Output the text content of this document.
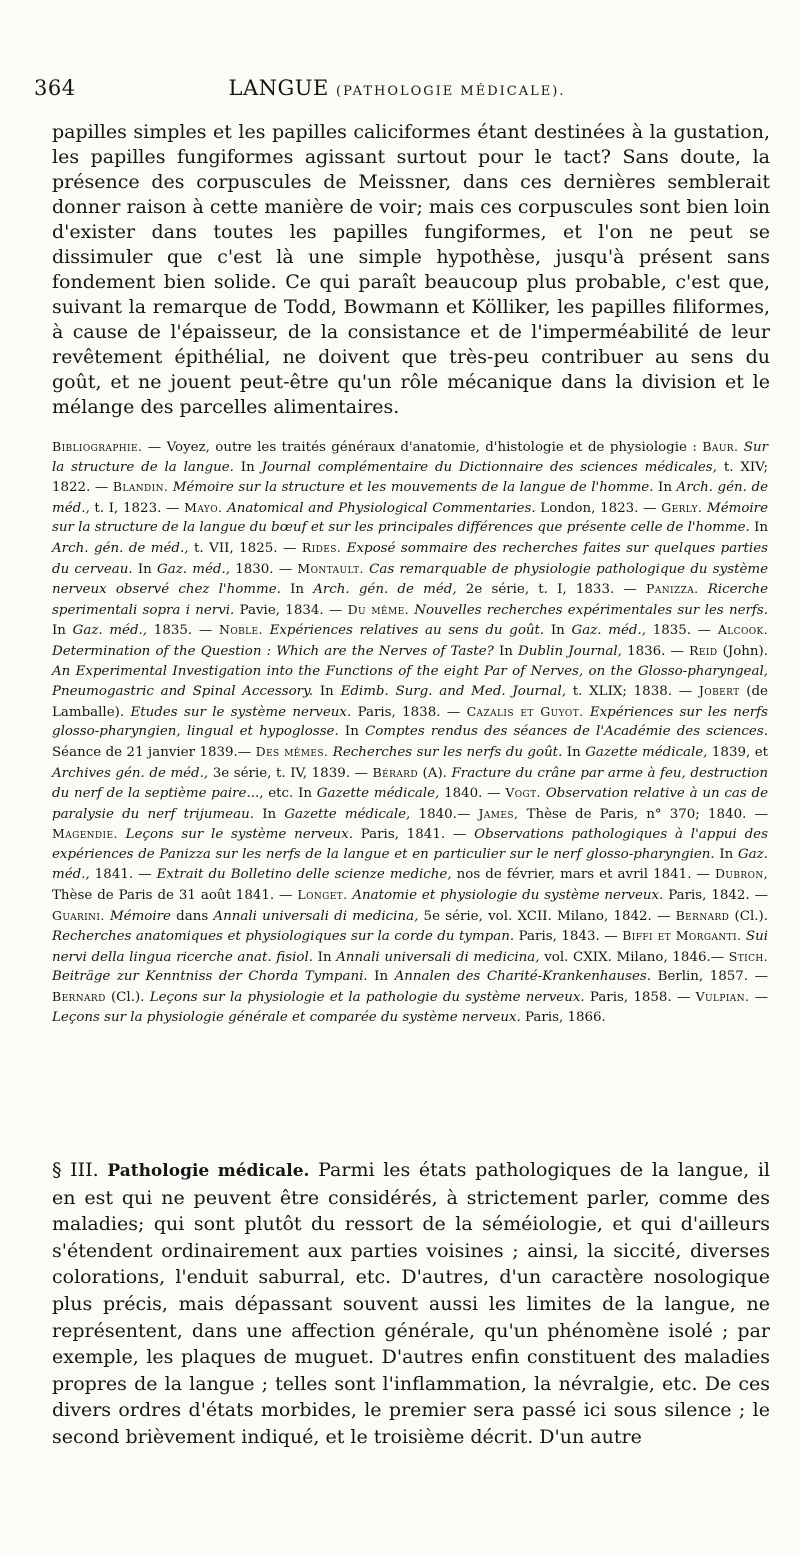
364	LANGUE (PATHOLOGIE MÉDICALE).

papilles simples et les papilles caliciformes étant destinées à la gustation, les papilles fungiformes agissant surtout pour le tact? Sans doute, la présence des corpuscules de Meissner, dans ces dernières semblerait donner raison à cette manière de voir; mais ces corpuscules sont bien loin d'exister dans toutes les papilles fungiformes, et l'on ne peut se dissimuler que c'est là une simple hypothèse, jusqu'à présent sans fondement bien solide. Ce qui paraît beaucoup plus probable, c'est que, suivant la remarque de Todd, Bowmann et Kölliker, les papilles filiformes, à cause de l'épaisseur, de la consistance et de l'imperméabilité de leur revêtement épithélial, ne doivent que très-peu contribuer au sens du goût, et ne jouent peut-être qu'un rôle mécanique dans la division et le mélange des parcelles alimentaires.

Bibliographie. — Voyez, outre les traités généraux d'anatomie, d'histologie et de physiologie : Baur. Sur la structure de la langue. In Journal complémentaire du Dictionnaire des sciences médicales, t. XIV; 1822. — Blandin. Mémoire sur la structure et les mouvements de la langue de l'homme. In Arch. gén. de méd., t. I, 1823. — Mayo. Anatomical and Physiological Commentaries. London, 1823. — Gerly. Mémoire sur la structure de la langue du bœuf et sur les principales différences que présente celle de l'homme. In Arch. gén. de méd., t. VII, 1825. — Rides. Exposé sommaire des recherches faites sur quelques parties du cerveau. In Gaz. méd., 1830. — Montault. Cas remarquable de physiologie pathologique du système nerveux observé chez l'homme. In Arch. gén. de méd, 2e série, t. I, 1833. — Panizza. Ricerche sperimentali sopra i nervi. Pavie, 1834. — Du même. Nouvelles recherches expérimentales sur les nerfs. In Gaz. méd., 1835. — Noble. Expériences relatives au sens du goût. In Gaz. méd., 1835. — Alcook. Determination of the Question : Which are the Nerves of Taste? In Dublin Journal, 1836. — Reid (John). An Experimental Investigation into the Functions of the eight Par of Nerves, on the Glosso-pharyngeal, Pneumogastric and Spinal Accessory. In Edimb. Surg. and Med. Journal, t. XLIX; 1838. — Jobert (de Lamballe). Etudes sur le système nerveux. Paris, 1838. — Cazalis et Guyot. Expériences sur les nerfs glosso-pharyngien, lingual et hypoglosse. In Comptes rendus des séances de l'Académie des sciences. Séance de 21 janvier 1839.— Des mêmes. Recherches sur les nerfs du goût. In Gazette médicale, 1839, et Archives gén. de méd., 3e série, t. IV, 1839. — Bérard (A). Fracture du crâne par arme à feu, destruction du nerf de la septième paire..., etc. In Gazette médicale, 1840. — Vogt. Observation relative à un cas de paralysie du nerf trijumeau. In Gazette médicale, 1840.— James, Thèse de Paris, n° 370; 1840. — Magendie. Leçons sur le système nerveux. Paris, 1841. — Observations pathologiques à l'appui des expériences de Panizza sur les nerfs de la langue et en particulier sur le nerf glosso-pharyngien. In Gaz. méd., 1841. — Extrait du Bolletino delle scienze mediche, nos de février, mars et avril 1841. — Dubron, Thèse de Paris de 31 août 1841. — Longet. Anatomie et physiologie du système nerveux. Paris, 1842. — Guarini. Mémoire dans Annali universali di medicina, 5e série, vol. XCII. Milano, 1842. — Bernard (Cl.). Recherches anatomiques et physiologiques sur la corde du tympan. Paris, 1843. — Biffi et Morganti. Sui nervi della lingua ricerche anat. fisiol. In Annali universali di medicina, vol. CXIX. Milano, 1846.— Stich. Beiträge zur Kenntniss der Chorda Tympani. In Annalen des Charité-Krankenhauses. Berlin, 1857. — Bernard (Cl.). Leçons sur la physiologie et la pathologie du système nerveux. Paris, 1858. — Vulpian. — Leçons sur la physiologie générale et comparée du système nerveux. Paris, 1866.

§ III. Pathologie médicale. Parmi les états pathologiques de la langue, il en est qui ne peuvent être considérés, à strictement parler, comme des maladies; qui sont plutôt du ressort de la séméiologie, et qui d'ailleurs s'étendent ordinairement aux parties voisines ; ainsi, la siccité, diverses colorations, l'enduit saburral, etc. D'autres, d'un caractère nosologique plus précis, mais dépassant souvent aussi les limites de la langue, ne représentent, dans une affection générale, qu'un phénomène isolé ; par exemple, les plaques de muguet. D'autres enfin constituent des maladies propres de la langue ; telles sont l'inflammation, la névralgie, etc. De ces divers ordres d'états morbides, le premier sera passé ici sous silence ; le second brièvement indiqué, et le troisième décrit. D'un autre
